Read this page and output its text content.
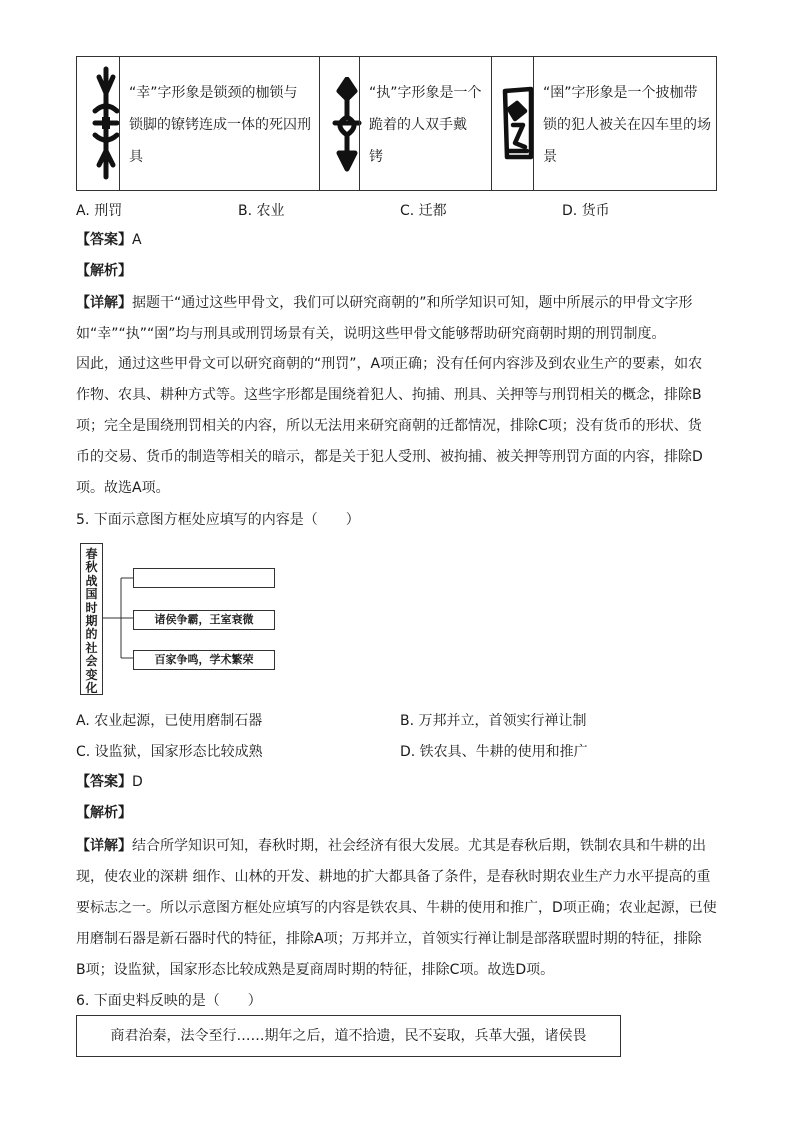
“幸”字形象是锁颈的枷锁与
锁脚的镣铐连成一体的死囚刑
具
“执”字形象是一个
跪着的人双手戴
铐
“圉”字形象是一个披枷带
锁的犯人被关在囚车里的场
景
A. 刑罚	B. 农业	C. 迁都	D. 货币
【答案】A
【解析】
【详解】据题干“通过这些甲骨文，我们可以研究商朝的”和所学知识可知，题中所展示的甲骨文字形
如“幸”“执”“圉”均与刑具或刑罚场景有关，说明这些甲骨文能够帮助研究商朝时期的刑罚制度。
因此，通过这些甲骨文可以研究商朝的“刑罚”，A项正确；没有任何内容涉及到农业生产的要素，如农
作物、农具、耕种方式等。这些字形都是围绕着犯人、拘捕、刑具、关押等与刑罚相关的概念，排除B
项；完全是围绕刑罚相关的内容，所以无法用来研究商朝的迁都情况，排除C项；没有货币的形状、货
币的交易、货币的制造等相关的暗示，都是关于犯人受刑、被拘捕、被关押等刑罚方面的内容，排除D
项。故选A项。
5. 下面示意图方框处应填写的内容是（　　）
春秋战国时期的社会变化
诸侯争霸，王室衰微
百家争鸣，学术繁荣
A. 农业起源，已使用磨制石器	B. 万邦并立，首领实行禅让制
C. 设监狱，国家形态比较成熟	D. 铁农具、牛耕的使用和推广
【答案】D
【解析】
【详解】结合所学知识可知，春秋时期，社会经济有很大发展。尤其是春秋后期，铁制农具和牛耕的出
现，使农业的深耕 细作、山林的开发、耕地的扩大都具备了条件，是春秋时期农业生产力水平提高的重
要标志之一。所以示意图方框处应填写的内容是铁农具、牛耕的使用和推广，D项正确；农业起源，已使
用磨制石器是新石器时代的特征，排除A项；万邦并立，首领实行禅让制是部落联盟时期的特征，排除
B项；设监狱，国家形态比较成熟是夏商周时期的特征，排除C项。故选D项。
6. 下面史料反映的是（　　）
商君治秦，法令至行……期年之后，道不拾遗，民不妄取，兵革大强，诸侯畏
